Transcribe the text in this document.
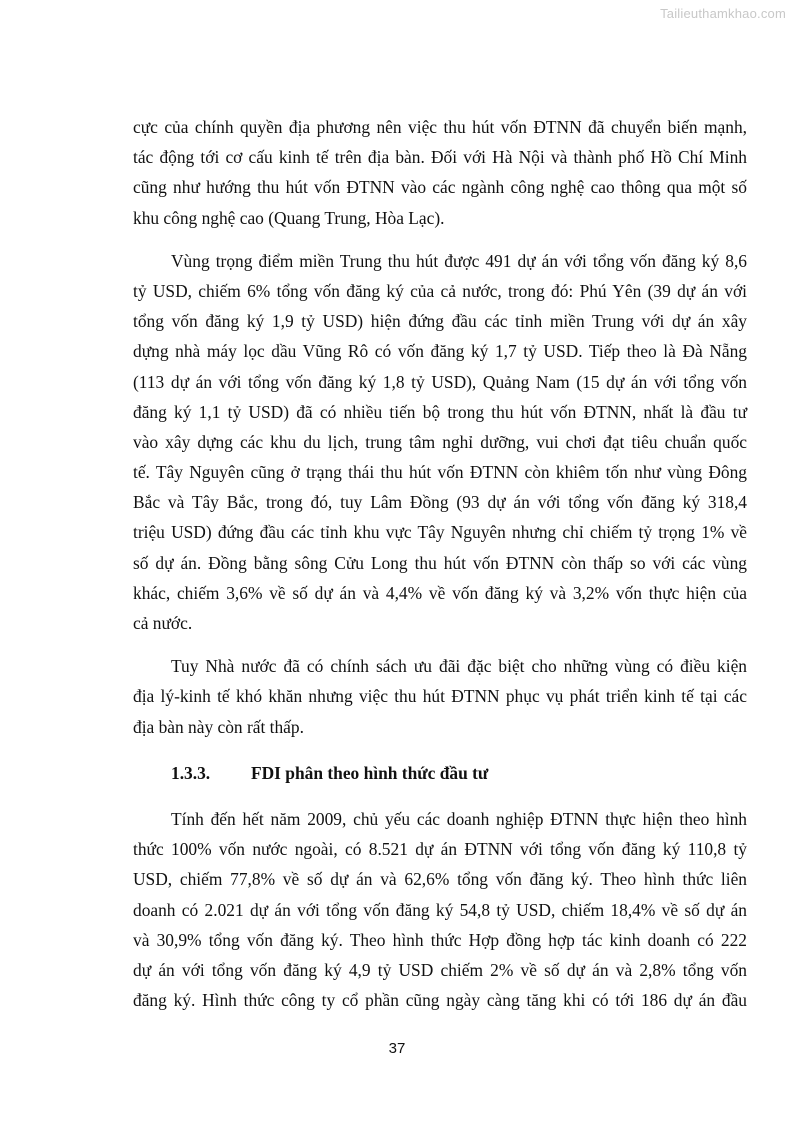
Tailieuthamkhao.com
cực của chính quyền địa phương nên việc thu hút vốn ĐTNN đã chuyển biến mạnh,
tác động tới cơ cấu kinh tế trên địa bàn. Đối với Hà Nội và thành phố Hồ Chí Minh
cũng như hướng thu hút vốn ĐTNN vào các ngành công nghệ cao thông qua một số
khu công nghệ cao (Quang Trung, Hòa Lạc).
Vùng trọng điểm miền Trung thu hút được 491 dự án với tổng vốn đăng ký 8,6
tỷ USD, chiếm 6% tổng vốn đăng ký của cả nước, trong đó: Phú Yên (39 dự án với
tổng vốn đăng ký 1,9 tỷ USD) hiện đứng đầu các tỉnh miền Trung với dự án xây
dựng nhà máy lọc dầu Vũng Rô có vốn đăng ký 1,7 tỷ USD. Tiếp theo là Đà Nẵng
(113 dự án với tổng vốn đăng ký 1,8 tỷ USD), Quảng Nam (15 dự án với tổng vốn
đăng ký 1,1 tỷ USD) đã có nhiều tiến bộ trong thu hút vốn ĐTNN, nhất là đầu tư
vào xây dựng các khu du lịch, trung tâm nghỉ dưỡng, vui chơi đạt tiêu chuẩn quốc
tế. Tây Nguyên cũng ở trạng thái thu hút vốn ĐTNN còn khiêm tốn như vùng Đông
Bắc và Tây Bắc, trong đó, tuy Lâm Đồng (93 dự án với tổng vốn đăng ký 318,4
triệu USD) đứng đầu các tỉnh khu vực Tây Nguyên nhưng chỉ chiếm tỷ trọng 1% về
số dự án. Đồng bằng sông Cửu Long thu hút vốn ĐTNN còn thấp so với các vùng
khác, chiếm 3,6% về số dự án và 4,4% về vốn đăng ký và 3,2% vốn thực hiện của
cả nước.
Tuy Nhà nước đã có chính sách ưu đãi đặc biệt cho những vùng có điều kiện
địa lý-kinh tế khó khăn nhưng việc thu hút ĐTNN phục vụ phát triển kinh tế tại các
địa bàn này còn rất thấp.
1.3.3. FDI phân theo hình thức đầu tư
Tính đến hết năm 2009, chủ yếu các doanh nghiệp ĐTNN thực hiện theo hình
thức 100% vốn nước ngoài, có 8.521 dự án ĐTNN với tổng vốn đăng ký 110,8 tỷ
USD, chiếm 77,8% về số dự án và 62,6% tổng vốn đăng ký. Theo hình thức liên
doanh có 2.021 dự án với tổng vốn đăng ký 54,8 tỷ USD, chiếm 18,4% về số dự án
và 30,9% tổng vốn đăng ký. Theo hình thức Hợp đồng hợp tác kinh doanh có 222
dự án với tổng vốn đăng ký 4,9 tỷ USD chiếm 2% về số dự án và 2,8% tổng vốn
đăng ký. Hình thức công ty cổ phần cũng ngày càng tăng khi có tới 186 dự án đầu
37
